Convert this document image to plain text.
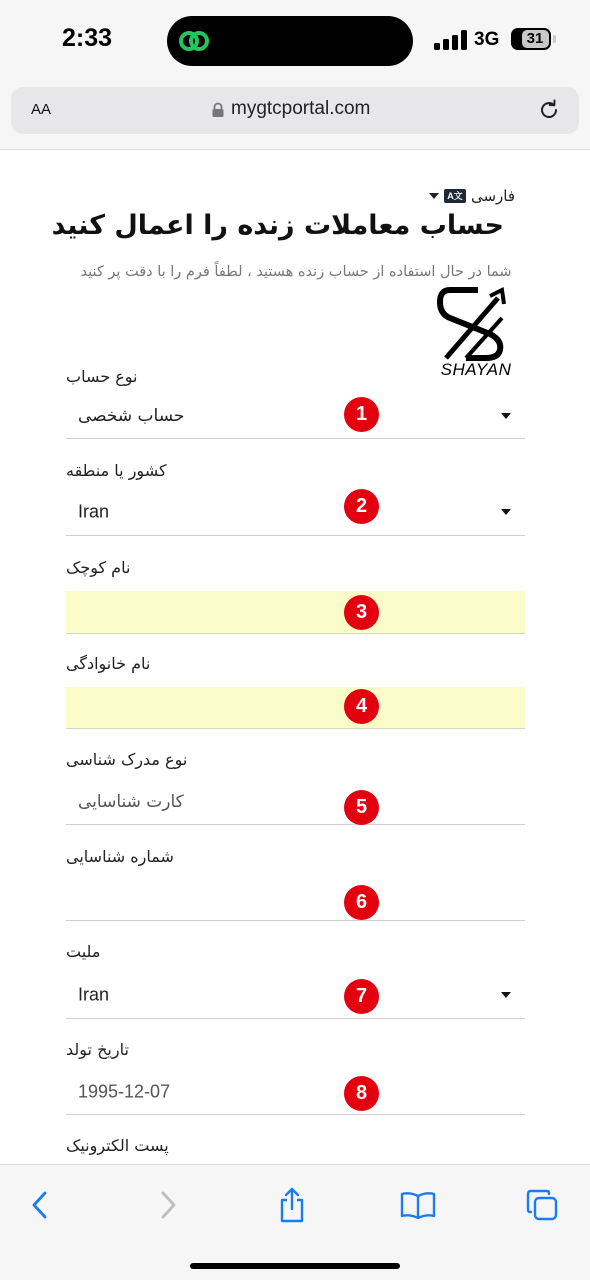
2:33	3G	31
AA	mygtcportal.com
فارسی
A文
حساب معاملات زنده را اعمال کنید
شما در حال استفاده از حساب زنده هستید ، لطفاً فرم را با دقت پر کنید
SHAYAN
نوع حساب
حساب شخصی	1
کشور یا منطقه
Iran	2
نام کوچک
3
نام خانوادگی
4
نوع مدرک شناسی
کارت شناسایی	5
شماره شناسایی
6
ملیت
Iran	7
تاریخ تولد
1995-12-07	8
پست الکترونیک
